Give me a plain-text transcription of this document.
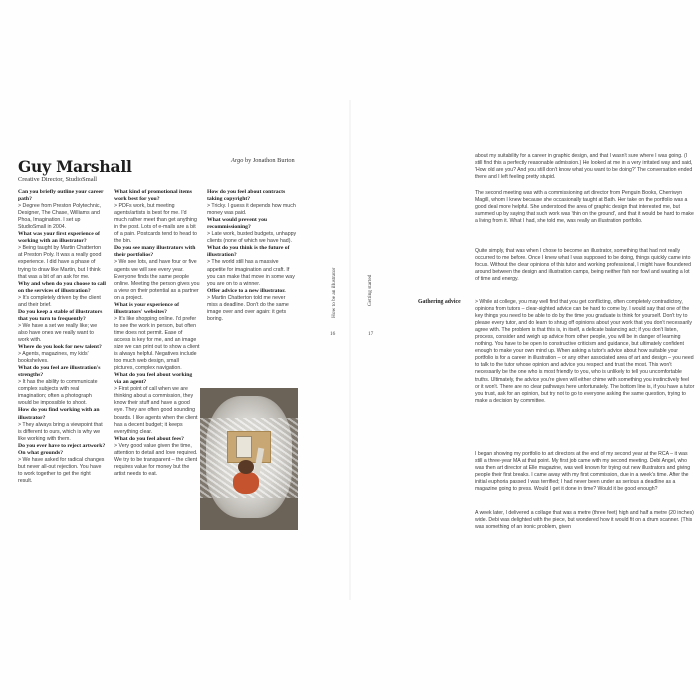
Guy Marshall
Creative Director, StudioSmall
Argo by Jonathon Burton
Can you briefly outline your career path?
> Degree from Preston Polytechnic, Designer, The Chase, Williams and Phoa, Imagination. I set up StudioSmall in 2004.
What was your first experience of working with an illustrator?
> Being taught by Martin Chatterton at Preston Poly. It was a really good experience. I did have a phase of trying to draw like Martin, but I think that was a bit of an ask for me.
Why and when do you choose to call on the services of illustration?
> It's completely driven by the client and their brief.
Do you keep a stable of illustrators that you turn to frequently?
> We have a set we really like; we also have ones we really want to work with.
Where do you look for new talent?
> Agents, magazines, my kids' bookshelves.
What do you feel are illustration's strengths?
> It has the ability to communicate complex subjects with real imagination; often a photograph would be impossible to shoot.
How do you find working with an illustrator?
> They always bring a viewpoint that is different to ours, which is why we like working with them.
Do you ever have to reject artwork? On what grounds?
> We have asked for radical changes but never all-out rejection. You have to work together to get the right result.
What kind of promotional items work best for you?
> PDFs work, but meeting agents/artists is best for me. I'd much rather meet than get anything in the post. Lots of e-mails are a bit of a pain. Postcards tend to head to the bin.
Do you see many illustrators with their portfolios?
> We see lots, and have four or five agents we will see every year. Everyone finds the same people online. Meeting the person gives you a view on their potential as a partner on a project.
What is your experience of illustrators' websites?
> It's like shopping online. I'd prefer to see the work in person, but often time does not permit. Ease of access is key for me, and an image size we can print out to show a client is always helpful. Negatives include too much web design, small pictures, complex navigation.
What do you feel about working via an agent?
> First point of call when we are thinking about a commission, they know their stuff and have a good eye. They are often good sounding boards. I like agents when the client has a decent budget; it keeps everything clear.
What do you feel about fees?
> Very good value given the time, attention to detail and love required. We try to be transparent – the client requires value for money but the artist needs to eat.
How do you feel about contracts taking copyright?
> Tricky. I guess it depends how much money was paid.
What would prevent you recommissioning?
> Late work, busted budgets, unhappy clients (none of which we have had).
What do you think is the future of illustration?
> The world still has a massive appetite for imagination and craft. If you can make that move in some way you are on to a winner.
Offer advice to a new illustrator.
> Martin Chatterton told me never miss a deadline. Don't do the same image over and over again: it gets boring.
How to be an illustrator
16
Getting started
17
Gathering advice
about my suitability for a career in graphic design, and that I wasn't sure where I was going. (I still find this a perfectly reasonable admission.) He looked at me in a very irritated way and said, 'How old are you? And you still don't know what you want to be doing?' The conversation ended there and I left feeling pretty stupid.
The second meeting was with a commissioning art director from Penguin Books, Cherriwyn Magill, whom I knew because she occasionally taught at Bath. Her take on the portfolio was a good deal more helpful. She understood the area of graphic design that interested me, but summed up by saying that such work was 'thin on the ground', and that it would be hard to make a living from it. What I had, she told me, was really an illustration portfolio.
Quite simply, that was when I chose to become an illustrator, something that had not really occurred to me before. Once I knew what I was supposed to be doing, things quickly came into focus. Without the clear opinions of this tutor and working professional, I might have floundered around between the design and illustration camps, being neither fish nor fowl and wasting a lot of time and energy.
> While at college, you may well find that you get conflicting, often completely contradictory, opinions from tutors – clear-sighted advice can be hard to come by. I would say that one of the key things you need to be able to do by the time you graduate is think for yourself. Don't try to please every tutor, and do learn to shrug off opinions about your work that you don't necessarily agree with. The problem is that this is, in itself, a delicate balancing act; if you don't listen, process, consider and weigh up advice from other people, you will be in danger of learning nothing. You have to be open to constructive criticism and guidance, but ultimately confident enough to make your own mind up. When asking a tutor's advice about how suitable your portfolio is for a career in illustration – or any other associated area of art and design – you need to talk to the tutor whose opinion and advice you respect and trust the most. This won't necessarily be the one who is most friendly to you, who is unlikely to tell you uncomfortable truths. Ultimately, the advice you're given will either chime with something you instinctively feel or it won't. There are no clear pathways here unfortunately. The bottom line is, if you have a tutor you trust, ask for an opinion, but try not to go to everyone asking the same question, trying to make a decision by committee.
I began showing my portfolio to art directors at the end of my second year at the RCA – it was still a three-year MA at that point. My first job came with my second meeting. Debi Angel, who was then art director at Elle magazine, was well known for trying out new illustrators and giving people their first breaks. I came away with my first commission, due in a week's time. After the initial euphoria passed I was terrified; I had never been under as serious a deadline as a magazine going to press. Would I get it done in time? Would it be good enough?
A week later, I delivered a collage that was a metre (three feet) high and half a metre (20 inches) wide. Debi was delighted with the piece, but wondered how it would fit on a drum scanner. (This was something of an ironic problem, given
